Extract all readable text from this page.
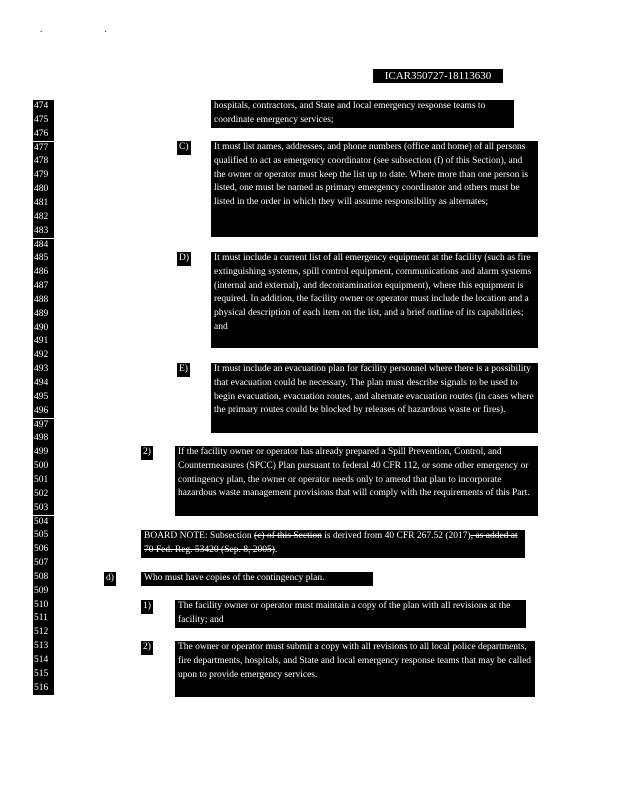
. .
ICAR350727-18113630
474
475
476
477
478
479
480
481
482
483
484
485
486
487
488
489
490
491
492
493
494
495
496
497
498
499
500
501
502
503
504
505
506
507
508
509
510
511
512
513
514
515
516
hospitals, contractors, and State and local emergency response teams to coordinate emergency services;
C)	It must list names, addresses, and phone numbers (office and home) of all persons qualified to act as emergency coordinator (see subsection (f) of this Section), and the owner or operator must keep the list up to date. Where more than one person is listed, one must be named as primary emergency coordinator and others must be listed in the order in which they will assume responsibility as alternates;
D)	It must include a current list of all emergency equipment at the facility (such as fire extinguishing systems, spill control equipment, communications and alarm systems (internal and external), and decontamination equipment), where this equipment is required. In addition, the facility owner or operator must include the location and a physical description of each item on the list, and a brief outline of its capabilities; and
E)	It must include an evacuation plan for facility personnel where there is a possibility that evacuation could be necessary. The plan must describe signals to be used to begin evacuation, evacuation routes, and alternate evacuation routes (in cases where the primary routes could be blocked by releases of hazardous waste or fires).
2)	If the facility owner or operator has already prepared a Spill Prevention, Control, and Countermeasures (SPCC) Plan pursuant to federal 40 CFR 112, or some other emergency or contingency plan, the owner or operator needs only to amend that plan to incorporate hazardous waste management provisions that will comply with the requirements of this Part.
BOARD NOTE: Subsection (c) of this Section is derived from 40 CFR 267.52 (2017), as added at 70 Fed. Reg. 53420 (Sep. 8, 2005).
d)	Who must have copies of the contingency plan.
1)	The facility owner or operator must maintain a copy of the plan with all revisions at the facility; and
2)	The owner or operator must submit a copy with all revisions to all local police departments, fire departments, hospitals, and State and local emergency response teams that may be called upon to provide emergency services.
